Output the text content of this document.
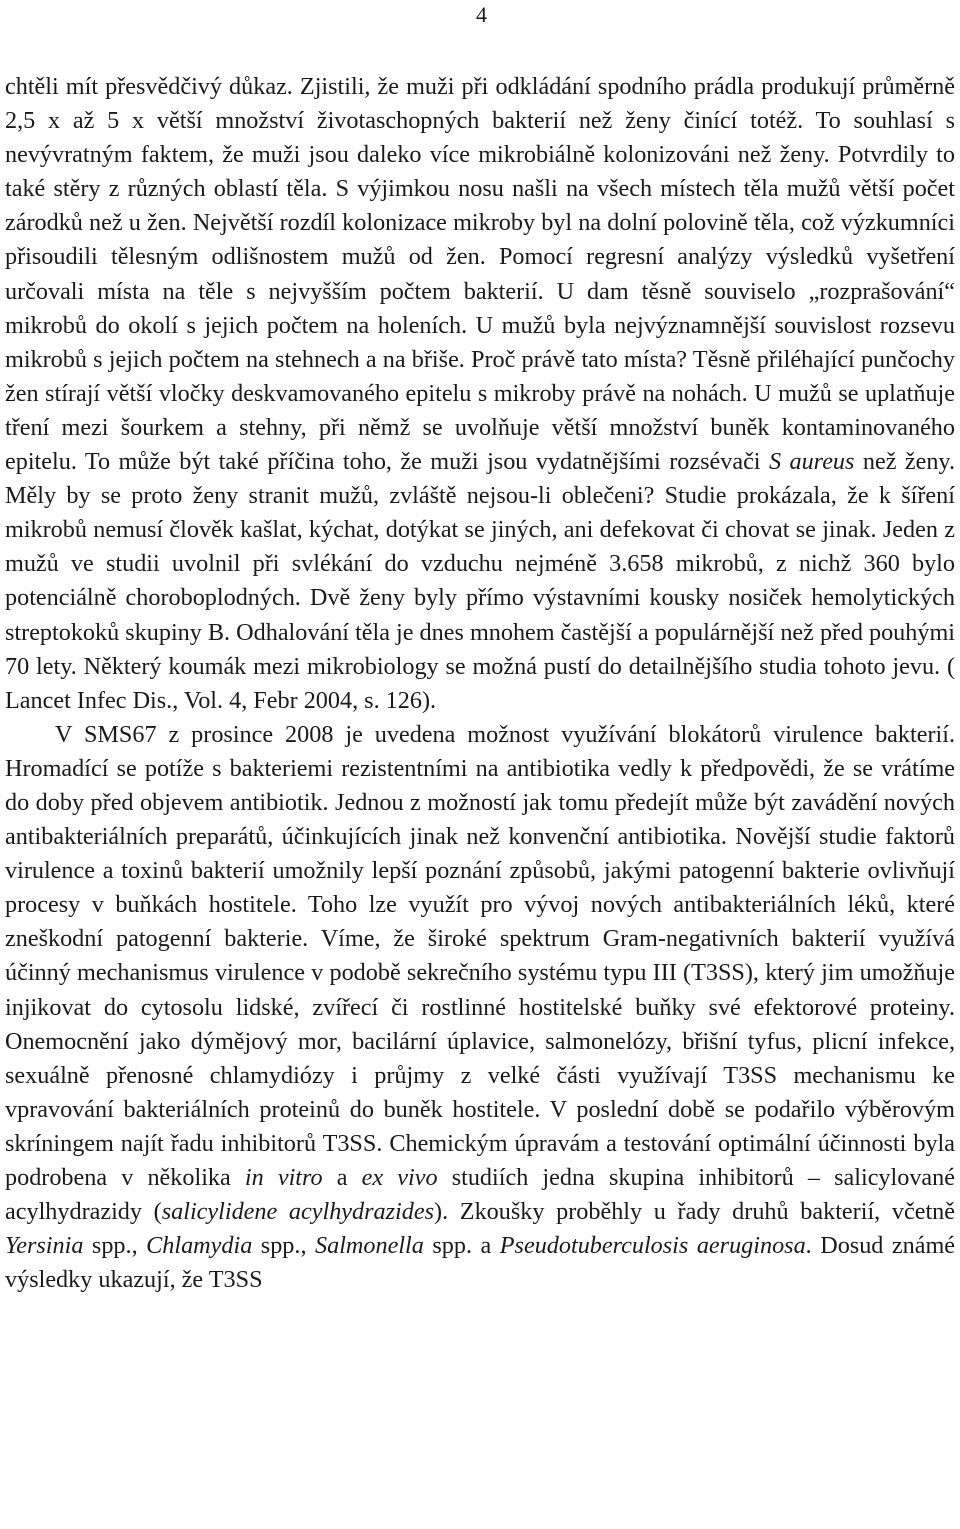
4

chtěli mít přesvědčivý důkaz. Zjistili, že muži při odkládání spodního prádla produkují průměrně 2,5 x až 5 x větší množství životaschopných bakterií než ženy činící totéž. To souhlasí s nevývratným faktem, že muži jsou daleko více mikrobiálně kolonizováni než ženy. Potvrdily to také stěry z různých oblastí těla. S výjimkou nosu našli na všech místech těla mužů větší počet zárodků než u žen. Největší rozdíl kolonizace mikroby byl na dolní polovině těla, což výzkumníci přisoudili tělesným odlišnostem mužů od žen. Pomocí regresní analýzy výsledků vyšetření určovali místa na těle s nejvyšším počtem bakterií. U dam těsně souviselo „rozprašování“ mikrobů do okolí s jejich počtem na holeních. U mužů byla nejvýznamnější souvislost rozsevu mikrobů s jejich počtem na stehnech a na břiše. Proč právě tato místa? Těsně přiléhající punčochy žen stírají větší vločky deskvamovaného epitelu s mikroby právě na nohách. U mužů se uplatňuje tření mezi šourkem a stehny, při němž se uvolňuje větší množství buněk kontaminovaného epitelu. To může být také příčina toho, že muži jsou vydatnějšími rozsévači S aureus než ženy. Měly by se proto ženy stranit mužů, zvláště nejsou-li oblečeni? Studie prokázala, že k šíření mikrobů nemusí člověk kašlat, kýchat, dotýkat se jiných, ani defekovat či chovat se jinak. Jeden z mužů ve studii uvolnil při svlékání do vzduchu nejméně 3.658 mikrobů, z nichž 360 bylo potenciálně choroboplodných. Dvě ženy byly přímo výstavními kousky nosiček hemolytických streptokoků skupiny B. Odhalování těla je dnes mnohem častější a populárnější než před pouhými 70 lety. Některý koumák mezi mikrobiology se možná pustí do detailnějšího studia tohoto jevu. ( Lancet Infec Dis., Vol. 4, Febr 2004, s. 126).

V SMS67 z prosince 2008 je uvedena možnost využívání blokátorů virulence bakterií. Hromadící se potíže s bakteriemi rezistentními na antibiotika vedly k předpovědi, že se vrátíme do doby před objevem antibiotik. Jednou z možností jak tomu předejít může být zavádění nových antibakteriálních preparátů, účinkujících jinak než konvenční antibiotika. Novější studie faktorů virulence a toxinů bakterií umožnily lepší poznání způsobů, jakými patogenní bakterie ovlivňují procesy v buňkách hostitele. Toho lze využít pro vývoj nových antibakteriálních léků, které zneškodní patogenní bakterie. Víme, že široké spektrum Gram-negativních bakterií využívá účinný mechanismus virulence v podobě sekrečního systému typu III (T3SS), který jim umožňuje injikovat do cytosolu lidské, zvířecí či rostlinné hostitelské buňky své efektorové proteiny. Onemocnění jako dýmějový mor, bacilární úplavice, salmonelózy, břišní tyfus, plicní infekce, sexuálně přenosné chlamydiózy i průjmy z velké části využívají T3SS mechanismu ke vpravování bakteriálních proteinů do buněk hostitele. V poslední době se podařilo výběrovým skríningem najít řadu inhibitorů T3SS. Chemickým úpravám a testování optimální účinnosti byla podrobena v několika in vitro a ex vivo studiích jedna skupina inhibitorů – salicylované acylhydrazidy (salicylidene acylhydrazides). Zkoušky proběhly u řady druhů bakterií, včetně Yersinia spp., Chlamydia spp., Salmonella spp. a Pseudotuberculosis aeruginosa. Dosud známé výsledky ukazují, že T3SS
